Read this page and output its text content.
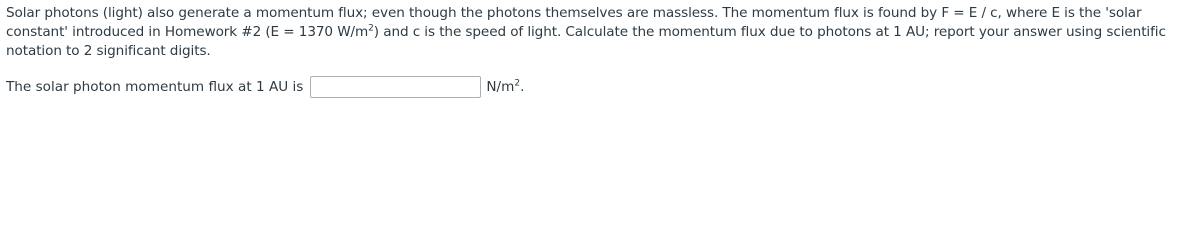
Solar photons (light) also generate a momentum flux; even though the photons themselves are massless. The momentum flux is found by F = E / c, where E is the 'solar

constant' introduced in Homework #2 (E = 1370 $W/m^2$) and c is the speed of light. Calculate the momentum flux due to photons at 1 AU; report your answer using scientific

notation to 2 significant digits.

The solar photon momentum flux at 1 AU is	$N/m^2$.
